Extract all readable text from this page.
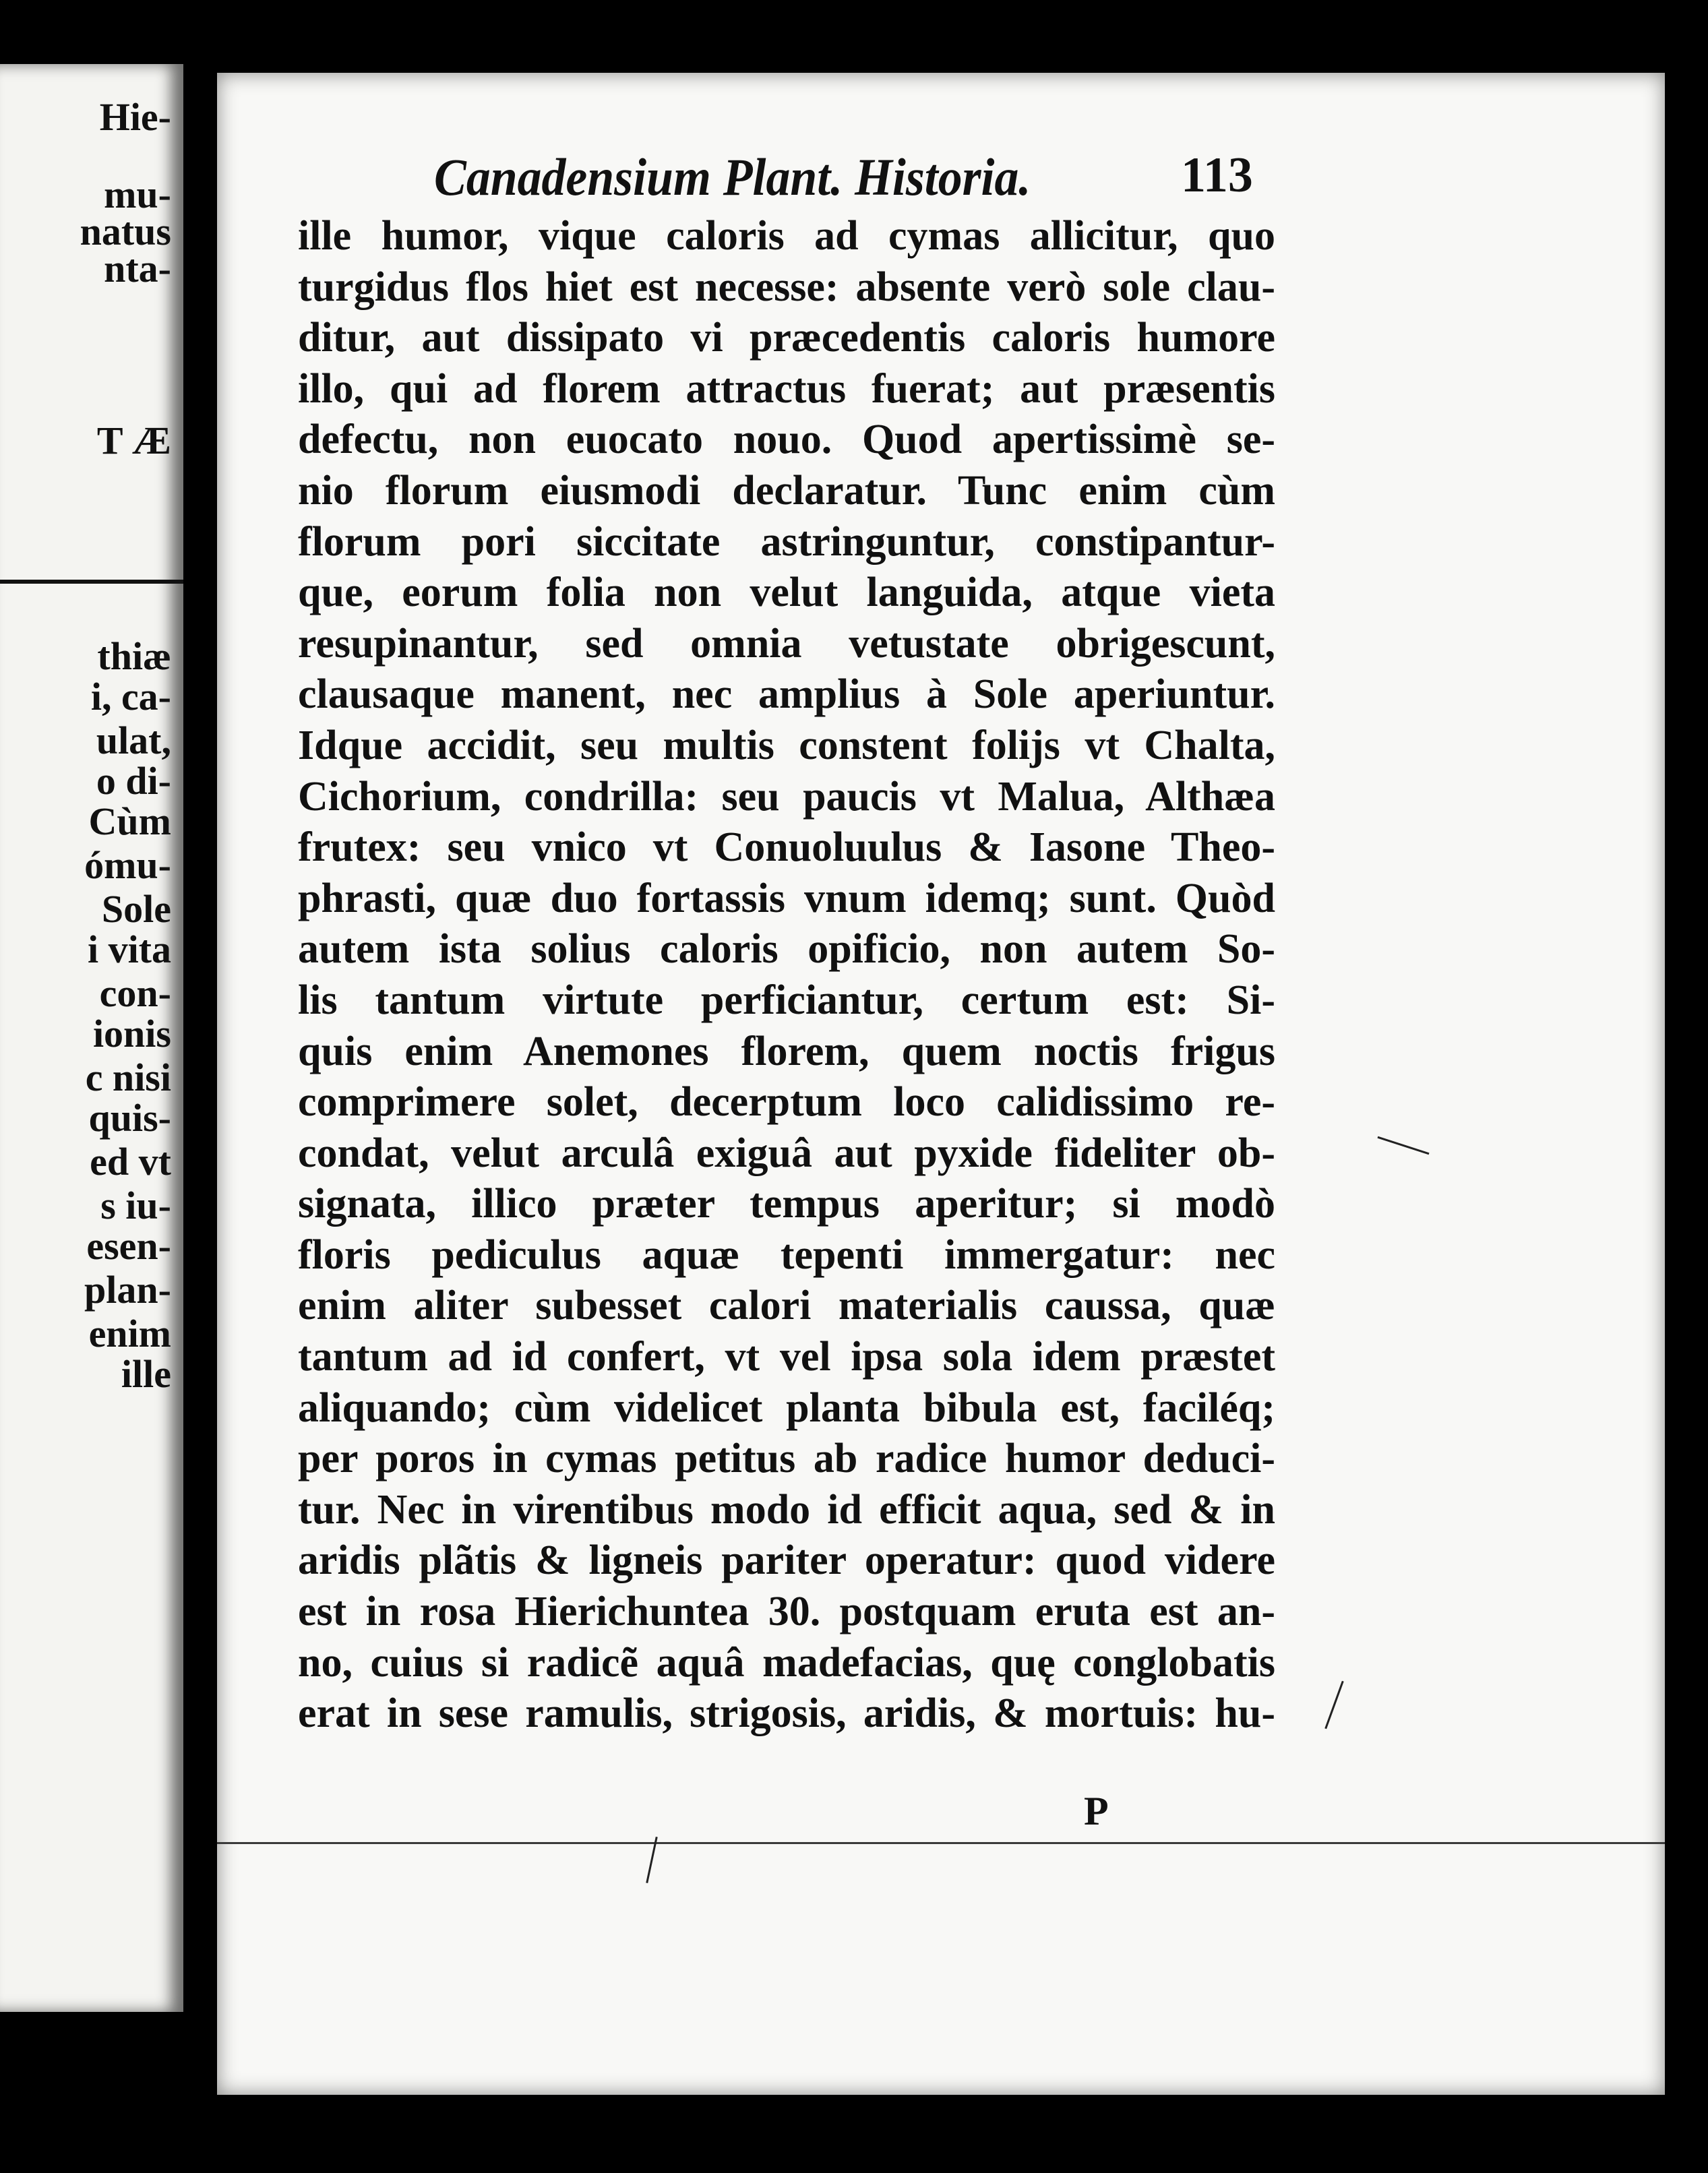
Hie-
mu-
natus
nta-
T Æ
thiæ
i, ca-
ulat,
o di-
Cùm
ómu-
Sole
i vita
con-
ionis
c nisi
quis-
ed vt
s iu-
esen-
plan-
enim
ille
Canadensium Plant. Historia.	113
ille humor, vique caloris ad cymas allicitur, quo
turgidus flos hiet est necesse: absente verò sole clau-
ditur, aut dissipato vi præcedentis caloris humore
illo, qui ad florem attractus fuerat; aut præsentis
defectu, non euocato nouo. Quod apertissimè se-
nio florum eiusmodi declaratur. Tunc enim cùm
florum pori siccitate astringuntur, constipantur-
que, eorum folia non velut languida, atque vieta
resupinantur, sed omnia vetustate obrigescunt,
clausaque manent, nec amplius à Sole aperiuntur.
Idque accidit, seu multis constent folijs vt Chalta,
Cichorium, condrilla: seu paucis vt Malua, Althæa
frutex: seu vnico vt Conuoluulus & Iasone Theo-
phrasti, quæ duo fortassis vnum idemq; sunt. Quòd
autem ista solius caloris opificio, non autem So-
lis tantum virtute perficiantur, certum est: Si-
quis enim Anemones florem, quem noctis frigus
comprimere solet, decerptum loco calidissimo re-
condat, velut arculâ exiguâ aut pyxide fideliter ob-
signata, illico præter tempus aperitur; si modò
floris pediculus aquæ tepenti immergatur: nec
enim aliter subesset calori materialis caussa, quæ
tantum ad id confert, vt vel ipsa sola idem præstet
aliquando; cùm videlicet planta bibula est, faciléq;
per poros in cymas petitus ab radice humor deduci-
tur. Nec in virentibus modo id efficit aqua, sed & in
aridis plãtis & ligneis pariter operatur: quod videre
est in rosa Hierichuntea 30. postquam eruta est an-
no, cuius si radicẽ aquâ madefacias, quę conglobatis
erat in sese ramulis, strigosis, aridis, & mortuis: hu-
P
